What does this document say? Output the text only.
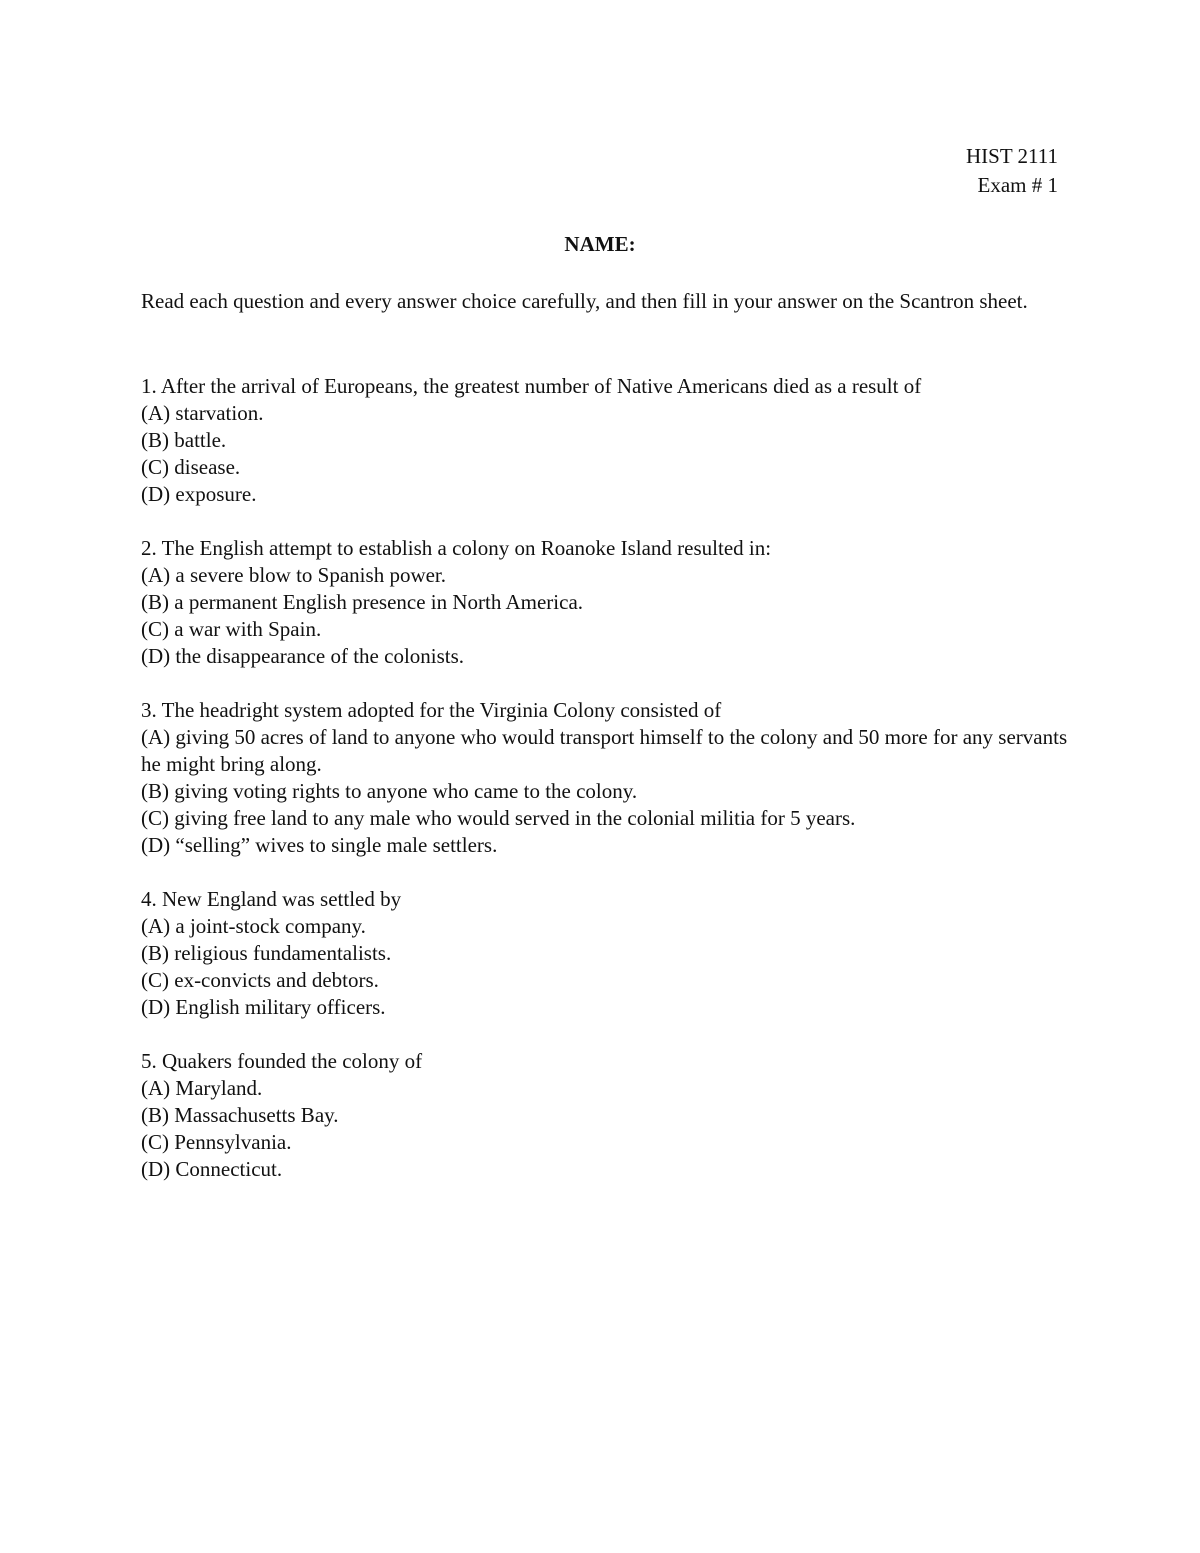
HIST 2111
Exam # 1
NAME:
Read each question and every answer choice carefully, and then fill in your answer on the Scantron sheet.

1. After the arrival of Europeans, the greatest number of Native Americans died as a result of

(A) starvation.

(B) battle.

(C) disease.

(D) exposure.

2. The English attempt to establish a colony on Roanoke Island resulted in:

(A) a severe blow to Spanish power.

(B) a permanent English presence in North America.

(C) a war with Spain.

(D) the disappearance of the colonists.

3. The headright system adopted for the Virginia Colony consisted of

(A) giving 50 acres of land to anyone who would transport himself to the colony and 50 more for any servants he might bring along.

(B) giving voting rights to anyone who came to the colony.

(C) giving free land to any male who would served in the colonial militia for 5 years.

(D) “selling” wives to single male settlers.

4. New England was settled by

(A) a joint-stock company.

(B) religious fundamentalists.

(C) ex-convicts and debtors.

(D) English military officers.

5. Quakers founded the colony of

(A) Maryland.

(B) Massachusetts Bay.

(C) Pennsylvania.

(D) Connecticut.
